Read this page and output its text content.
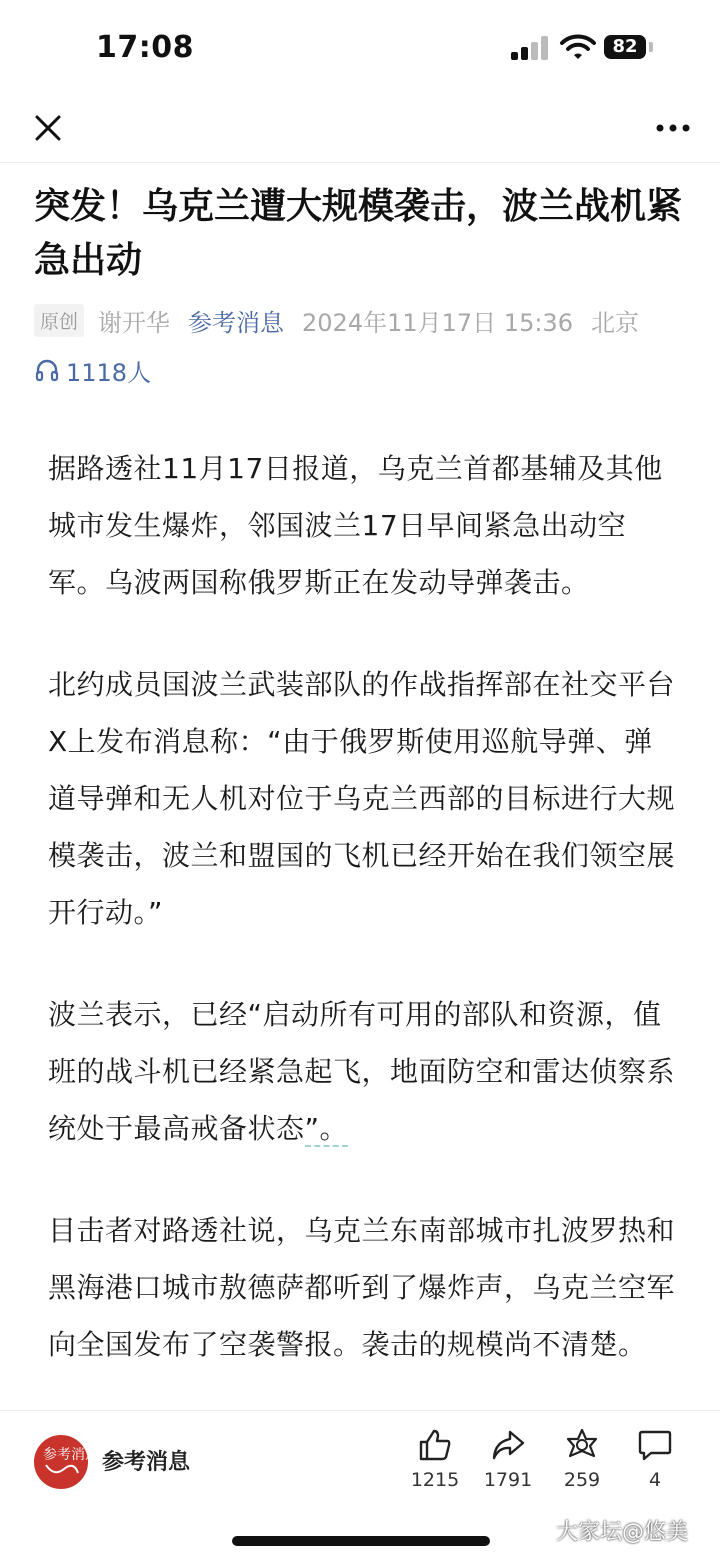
17:08	82
突发！乌克兰遭大规模袭击，波兰战机紧急出动
原创 谢开华 参考消息 2024年11月17日 15:36 北京
1118人

据路透社11月17日报道，乌克兰首都基辅及其他城市发生爆炸，邻国波兰17日早间紧急出动空军。乌波两国称俄罗斯正在发动导弹袭击。

北约成员国波兰武装部队的作战指挥部在社交平台X上发布消息称：“由于俄罗斯使用巡航导弹、弹道导弹和无人机对位于乌克兰西部的目标进行大规模袭击，波兰和盟国的飞机已经开始在我们领空展开行动。”

波兰表示，已经“启动所有可用的部队和资源，值班的战斗机已经紧急起飞，地面防空和雷达侦察系统处于最高戒备状态”。

目击者对路透社说，乌克兰东南部城市扎波罗热和黑海港口城市敖德萨都听到了爆炸声，乌克兰空军向全国发布了空袭警报。袭击的规模尚不清楚。

参考消息 参考消息
1215	1791	259	4
大家坛@悠美
